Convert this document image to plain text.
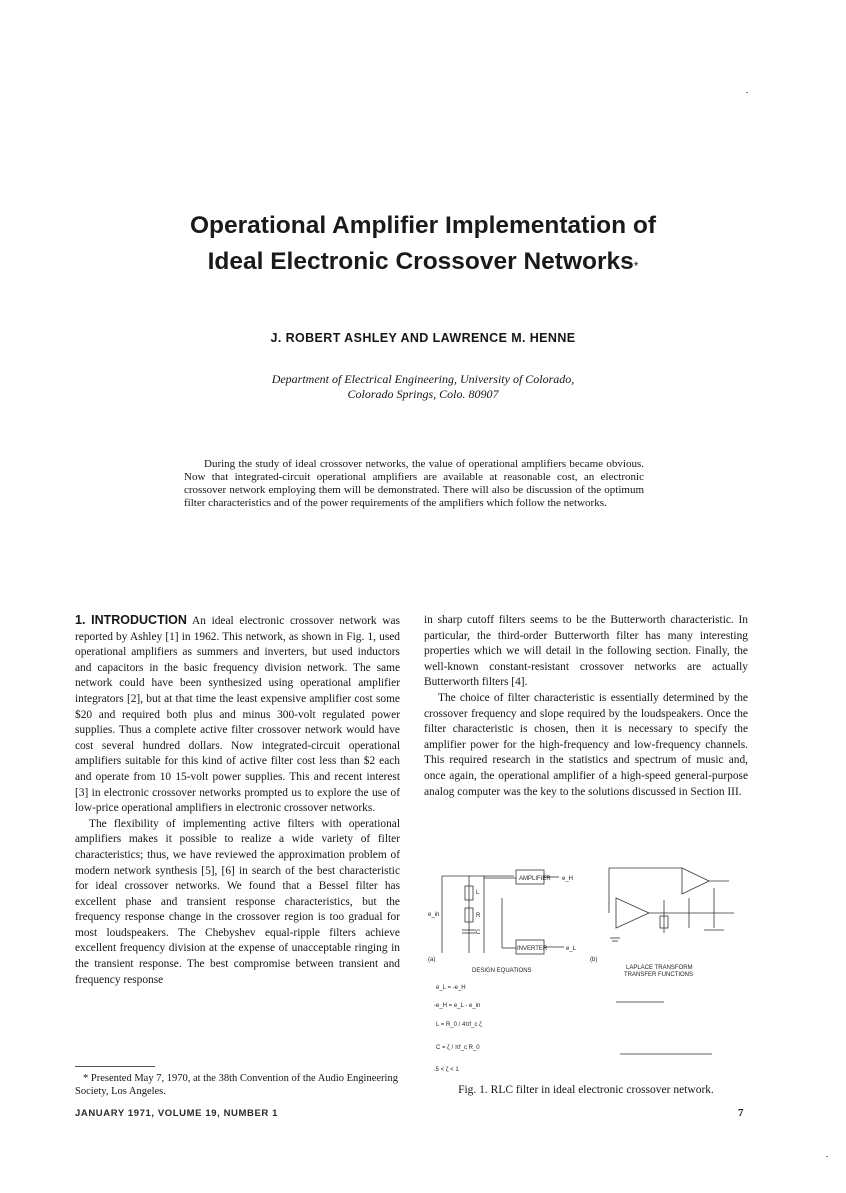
Operational Amplifier Implementation of
Ideal Electronic Crossover Networks*
J. ROBERT ASHLEY AND LAWRENCE M. HENNE
Department of Electrical Engineering, University of Colorado,
Colorado Springs, Colo. 80907
During the study of ideal crossover networks, the value of operational amplifiers became obvious. Now that integrated-circuit operational amplifiers are available at reasonable cost, an electronic crossover network employing them will be demonstrated. There will also be discussion of the optimum filter characteristics and of the power requirements of the amplifiers which follow the networks.

1. INTRODUCTION An ideal electronic crossover network was reported by Ashley [1] in 1962. This network, as shown in Fig. 1, used operational amplifiers as summers and inverters, but used inductors and capacitors in the basic frequency division network. The same network could have been synthesized using operational amplifier integrators [2], but at that time the least expensive amplifier cost some $20 and required both plus and minus 300-volt regulated power supplies. Thus a complete active filter crossover network would have cost several hundred dollars. Now integrated-circuit operational amplifiers suitable for this kind of active filter cost less than $2 each and operate from 10 15-volt power supplies. This and recent interest [3] in electronic crossover networks prompted us to explore the use of low-price operational amplifiers in electronic crossover networks.

The flexibility of implementing active filters with operational amplifiers makes it possible to realize a wide variety of filter characteristics; thus, we have reviewed the approximation problem of modern network synthesis [5], [6] in search of the best characteristic for ideal crossover networks. We found that a Bessel filter has excellent phase and transient response characteristics, but the frequency response change in the crossover region is too gradual for most loudspeakers. The Chebyshev equal-ripple filters achieve excellent frequency division at the expense of unacceptable ringing in the transient response. The best compromise between transient and frequency response

in sharp cutoff filters seems to be the Butterworth characteristic. In particular, the third-order Butterworth filter has many interesting properties which we will detail in the following section. Finally, the well-known constant-resistant crossover networks are actually Butterworth filters [4].

The choice of filter characteristic is essentially determined by the crossover frequency and slope required by the loudspeakers. Once the filter characteristic is chosen, then it is necessary to specify the amplifier power for the high-frequency and low-frequency channels. This required research in the statistics and spectrum of music and, once again, the operational amplifier of a high-speed general-purpose analog computer was the key to the solutions discussed in Section III.

AMPLIFIER
INVERTER
L
R
C
e_in
e_H
e_L
(a)	(b)
DESIGN EQUATIONS	LAPLACE TRANSFORM
TRANSFER FUNCTIONS
e_L = -e_H
-e_H = e_L - e_in
L = R_0 / 4πf_c ζ
C = ζ / πf_c R_0
.5 < ζ < 1
* Presented May 7, 1970, at the 38th Convention of the Audio Engineering Society, Los Angeles.	Fig. 1. RLC filter in ideal electronic crossover network.
JANUARY 1971, VOLUME 19, NUMBER 1	7
